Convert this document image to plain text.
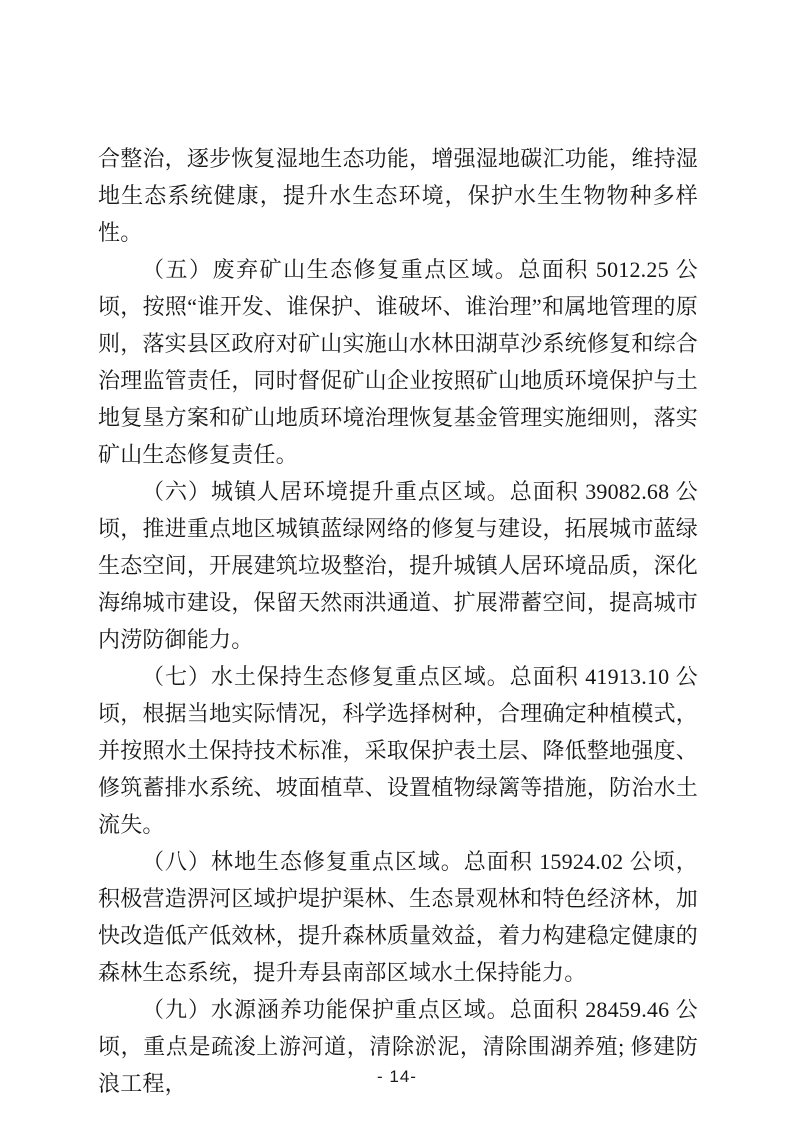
合整治，逐步恢复湿地生态功能，增强湿地碳汇功能，维持湿地生态系统健康，提升水生态环境，保护水生生物物种多样性。

（五）废弃矿山生态修复重点区域。总面积 5012.25 公顷，按照“谁开发、谁保护、谁破坏、谁治理”和属地管理的原则，落实县区政府对矿山实施山水林田湖草沙系统修复和综合治理监管责任，同时督促矿山企业按照矿山地质环境保护与土地复垦方案和矿山地质环境治理恢复基金管理实施细则，落实矿山生态修复责任。

（六）城镇人居环境提升重点区域。总面积 39082.68 公顷，推进重点地区城镇蓝绿网络的修复与建设，拓展城市蓝绿生态空间，开展建筑垃圾整治，提升城镇人居环境品质，深化海绵城市建设，保留天然雨洪通道、扩展滞蓄空间，提高城市内涝防御能力。

（七）水土保持生态修复重点区域。总面积 41913.10 公顷，根据当地实际情况，科学选择树种，合理确定种植模式，并按照水土保持技术标准，采取保护表土层、降低整地强度、修筑蓄排水系统、坡面植草、设置植物绿篱等措施，防治水土流失。

（八）林地生态修复重点区域。总面积 15924.02 公顷，积极营造淠河区域护堤护渠林、生态景观林和特色经济林，加快改造低产低效林，提升森林质量效益，着力构建稳定健康的森林生态系统，提升寿县南部区域水土保持能力。

（九）水源涵养功能保护重点区域。总面积 28459.46 公顷，重点是疏浚上游河道，清除淤泥，清除围湖养殖; 修建防浪工程，	- 14-
